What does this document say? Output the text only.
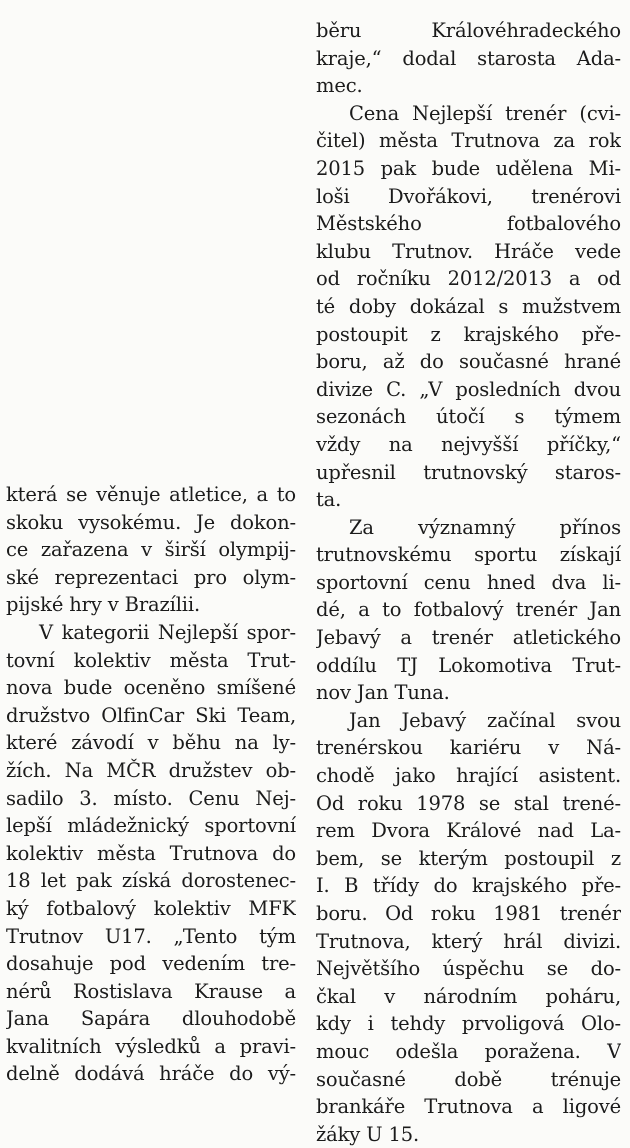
která se věnuje atletice, a to
skoku vysokému. Je dokon-
ce zařazena v širší olympij-
ské reprezentaci pro olym-
pijské hry v Brazílii.
V kategorii Nejlepší spor-
tovní kolektiv města Trut-
nova bude oceněno smíšené
družstvo OlfinCar Ski Team,
které závodí v běhu na ly-
žích. Na MČR družstev ob-
sadilo 3. místo. Cenu Nej-
lepší mládežnický sportovní
kolektiv města Trutnova do
18 let pak získá dorostenec-
ký fotbalový kolektiv MFK
Trutnov U17. „Tento tým
dosahuje pod vedením tre-
nérů Rostislava Krause a
Jana Sapára dlouhodobě
kvalitních výsledků a pravi-
delně dodává hráče do vý-
běru Královéhradeckého
kraje,“ dodal starosta Ada-
mec.
Cena Nejlepší trenér (cvi-
čitel) města Trutnova za rok
2015 pak bude udělena Mi-
loši Dvořákovi, trenérovi
Městského fotbalového
klubu Trutnov. Hráče vede
od ročníku 2012/2013 a od
té doby dokázal s mužstvem
postoupit z krajského pře-
boru, až do současné hrané
divize C. „V posledních dvou
sezonách útočí s týmem
vždy na nejvyšší příčky,“
upřesnil trutnovský staros-
ta.
Za významný přínos
trutnovskému sportu získají
sportovní cenu hned dva li-
dé, a to fotbalový trenér Jan
Jebavý a trenér atletického
oddílu TJ Lokomotiva Trut-
nov Jan Tuna.
Jan Jebavý začínal svou
trenérskou kariéru v Ná-
chodě jako hrající asistent.
Od roku 1978 se stal trené-
rem Dvora Králové nad La-
bem, se kterým postoupil z
I. B třídy do krajského pře-
boru. Od roku 1981 trenér
Trutnova, který hrál divizi.
Největšího úspěchu se do-
čkal v národním poháru,
kdy i tehdy prvoligová Olo-
mouc odešla poražena. V
současné době trénuje
brankáře Trutnova a ligové
žáky U 15.
